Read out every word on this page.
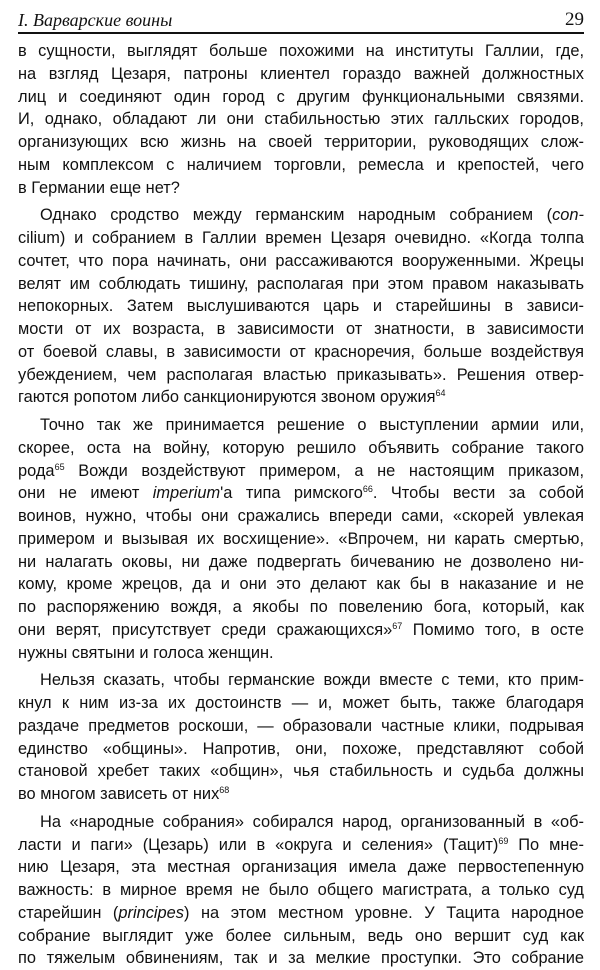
I. Варварские воины	29
в сущности, выглядят больше похожими на институты Галлии, где,
на взгляд Цезаря, патроны клиентел гораздо важней должностных
лиц и соединяют один город с другим функциональными связями.
И, однако, обладают ли они стабильностью этих галльских городов,
организующих всю жизнь на своей территории, руководящих слож-
ным комплексом с наличием торговли, ремесла и крепостей, чего
в Германии еще нет?
Однако сродство между германским народным собранием (con-
cilium) и собранием в Галлии времен Цезаря очевидно. «Когда толпа
сочтет, что пора начинать, они рассаживаются вооруженными. Жрецы
велят им соблюдать тишину, располагая при этом правом наказывать
непокорных. Затем выслушиваются царь и старейшины в зависи-
мости от их возраста, в зависимости от знатности, в зависимости
от боевой славы, в зависимости от красноречия, больше воздействуя
убеждением, чем располагая властью приказывать». Решения отвер-
гаются ропотом либо санкционируются звоном оружия$^{64}$
Точно так же принимается решение о выступлении армии или,
скорее, оста на войну, которую решило объявить собрание такого
рода$^{65}$ Вожди воздействуют примером, а не настоящим приказом,
они не имеют imperium'а типа римского$^{66}$. Чтобы вести за собой
воинов, нужно, чтобы они сражались впереди сами, «скорей увлекая
примером и вызывая их восхищение». «Впрочем, ни карать смертью,
ни налагать оковы, ни даже подвергать бичеванию не дозволено ни-
кому, кроме жрецов, да и они это делают как бы в наказание и не
по распоряжению вождя, а якобы по повелению бога, который, как
они верят, присутствует среди сражающихся»$^{67}$ Помимо того, в осте
нужны святыни и голоса женщин.
Нельзя сказать, чтобы германские вожди вместе с теми, кто прим-
кнул к ним из-за их достоинств — и, может быть, также благодаря
раздаче предметов роскоши, — образовали частные клики, подрывая
единство «общины». Напротив, они, похоже, представляют собой
становой хребет таких «общин», чья стабильность и судьба должны
во многом зависеть от них$^{68}$
На «народные собрания» собирался народ, организованный в «об-
ласти и паги» (Цезарь) или в «округа и селения» (Тацит)$^{69}$ По мне-
нию Цезаря, эта местная организация имела даже первостепенную
важность: в мирное время не было общего магистрата, а только суд
старейшин (principes) на этом местном уровне. У Тацита народное
собрание выглядит уже более сильным, ведь оно вершит суд как
по тяжелым обвинениям, так и за мелкие проступки. Это собрание
